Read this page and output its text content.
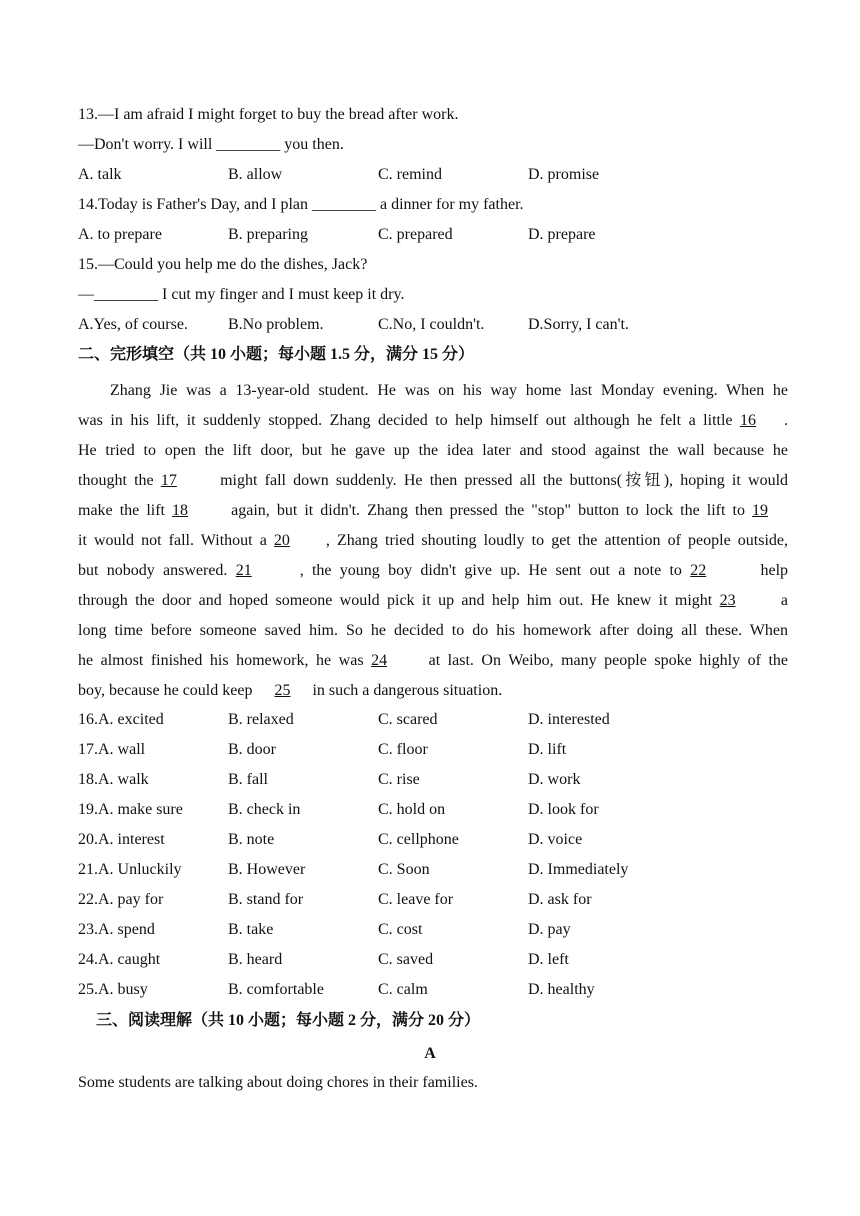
13.—I am afraid I might forget to buy the bread after work.
—Don't worry. I will ________ you then.
A. talk	B. allow	C. remind	D. promise
14.Today is Father's Day, and I plan ________ a dinner for my father.
A. to prepare	B. preparing	C. prepared	D. prepare
15.—Could you help me do the dishes, Jack?
—________ I cut my finger and I must keep it dry.
A.Yes, of course.	B.No problem.	C.No, I couldn't.	D.Sorry, I can't.
二、完形填空（共 10 小题；每小题 1.5 分，满分 15 分）
Zhang Jie was a 13-year-old student. He was on his way home last Monday evening. When he
was in his lift, it suddenly stopped. Zhang decided to help himself out although he felt a little 16 .
He tried to open the lift door, but he gave up the idea later and stood against the wall because he
thought the 17	might fall down suddenly. He then pressed all the buttons(按钮), hoping it would
make the lift 18	again, but it didn't. Zhang then pressed the "stop" button to lock the lift to 19
it would not fall. Without a 20 , Zhang tried shouting loudly to get the attention of people outside,
but nobody answered. 21	, the young boy didn't give up. He sent out a note to 22	help
through the door and hoped someone would pick it up and help him out. He knew it might 23	a
long time before someone saved him. So he decided to do his homework after doing all these. When
he almost finished his homework, he was 24	at last. On Weibo, many people spoke highly of the
boy, because he could keep 25 in such a dangerous situation.
16.A. excited	B. relaxed	C. scared	D. interested
17.A. wall	B. door	C. floor	D. lift
18.A. walk	B. fall	C. rise	D. work
19.A. make sure	B. check in	C. hold on	D. look for
20.A. interest	B. note	C. cellphone	D. voice
21.A. Unluckily	B. However	C. Soon	D. Immediately
22.A. pay for	B. stand for	C. leave for	D. ask for
23.A. spend	B. take	C. cost	D. pay
24.A. caught	B. heard	C. saved	D. left
25.A. busy	B. comfortable	C. calm	D. healthy
三、阅读理解（共 10 小题；每小题 2 分，满分 20 分）
A
Some students are talking about doing chores in their families.
